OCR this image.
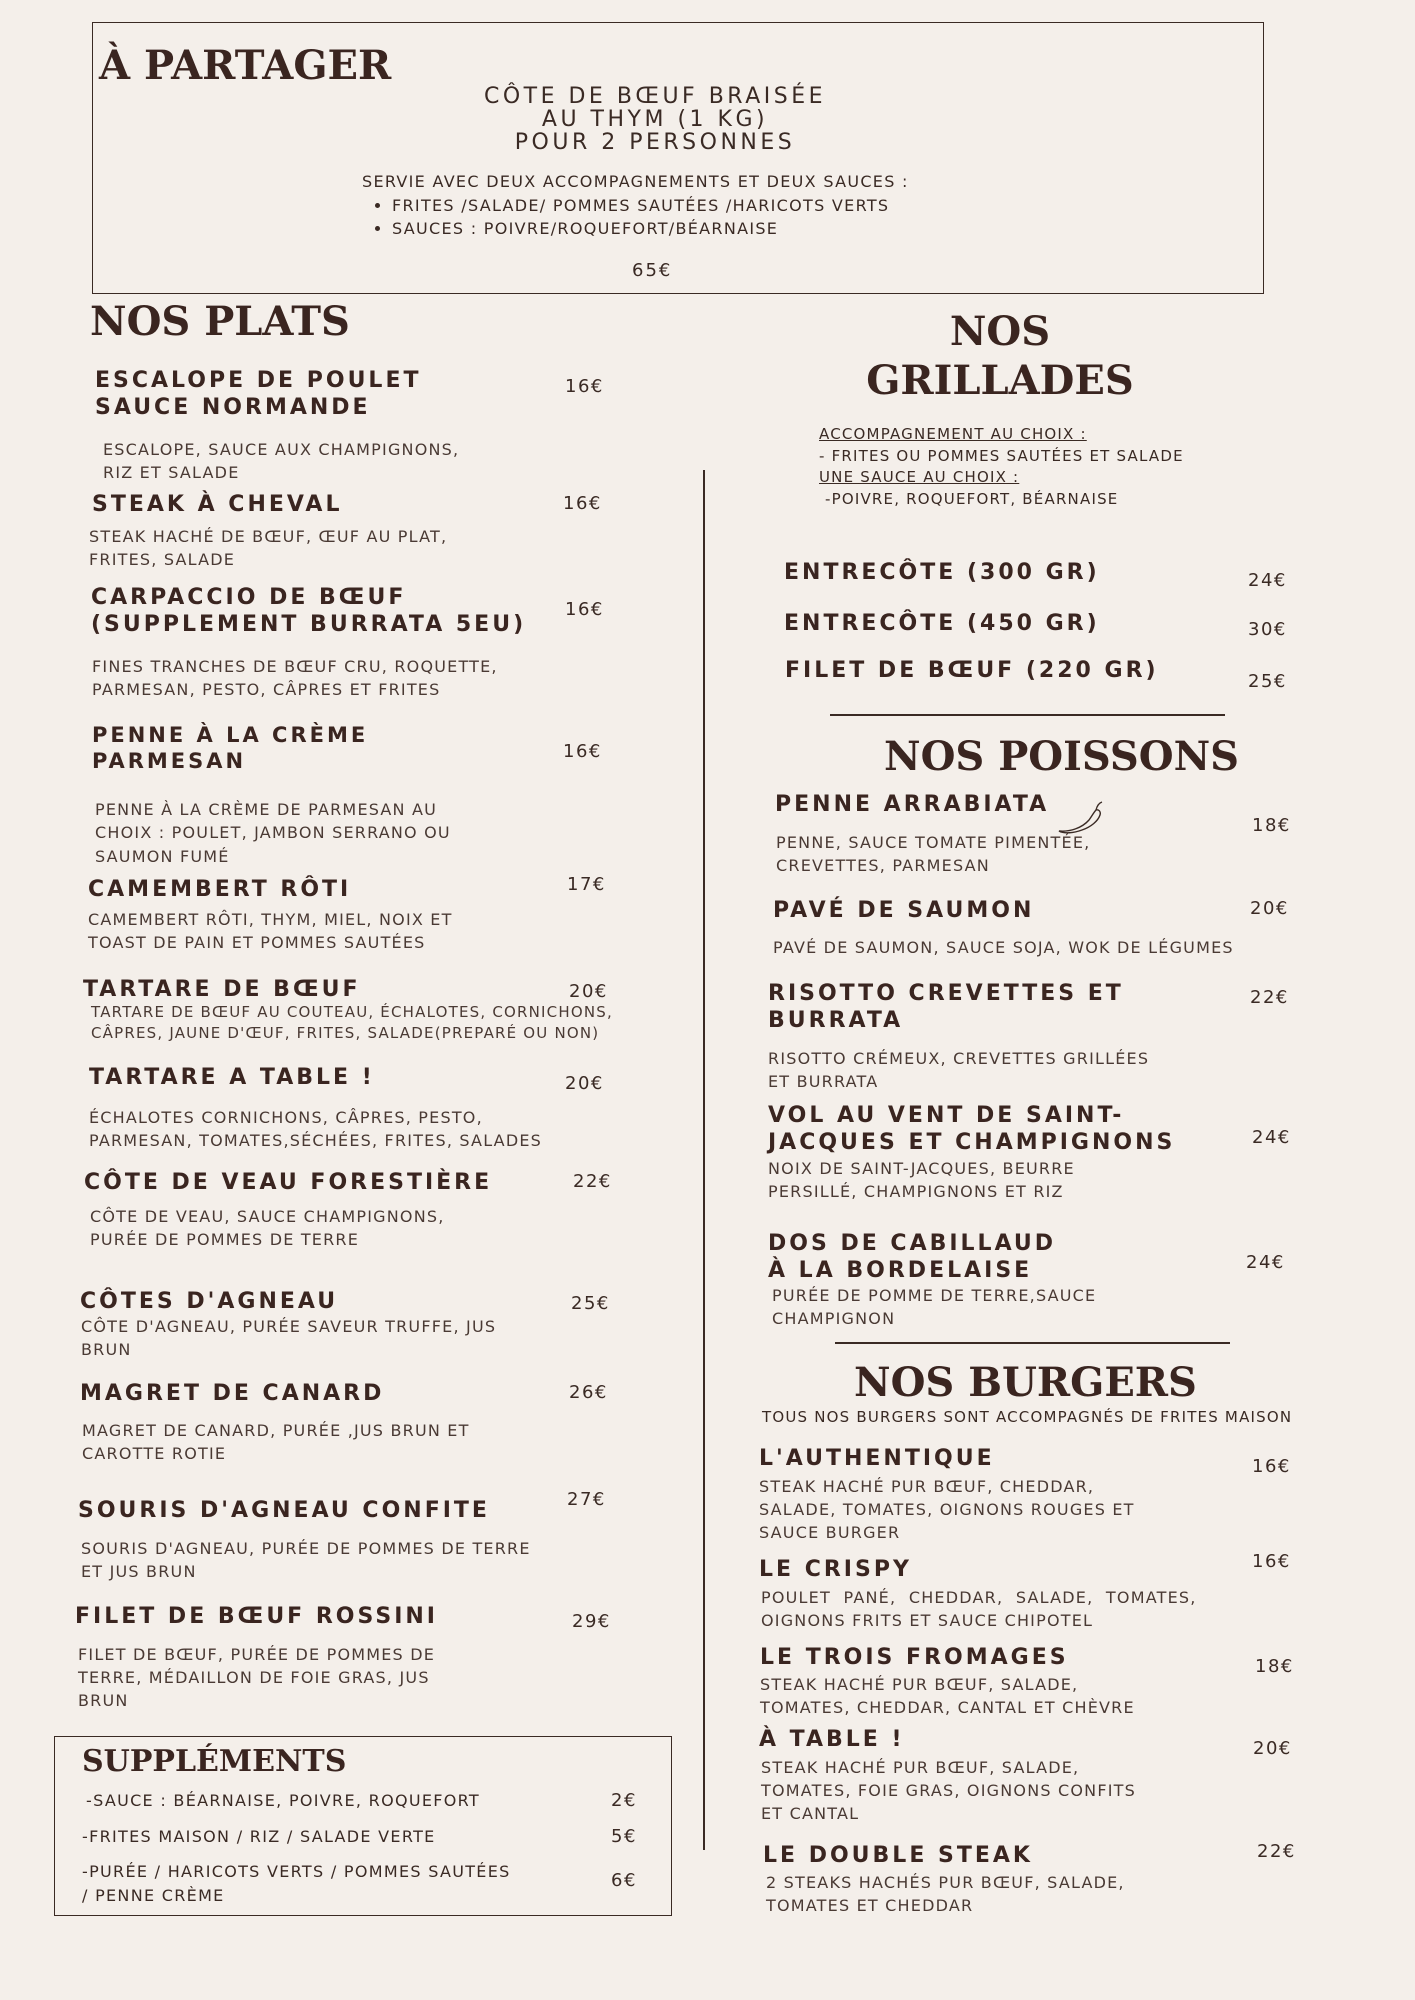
À PARTAGER
CÔTE DE BŒUF BRAISÉE
AU THYM (1 KG)
POUR 2 PERSONNES
SERVIE AVEC DEUX ACCOMPAGNEMENTS ET DEUX SAUCES :
• FRITES /SALADE/ POMMES SAUTÉES /HARICOTS VERTS
• SAUCES : POIVRE/ROQUEFORT/BÉARNAISE
65€
NOS PLATS
ESCALOPE DE POULET
SAUCE NORMANDE
ESCALOPE, SAUCE AUX CHAMPIGNONS,
RIZ ET SALADE
16€
STEAK À CHEVAL
STEAK HACHÉ DE BŒUF, ŒUF AU PLAT,
FRITES, SALADE
16€
CARPACCIO DE BŒUF
(SUPPLEMENT BURRATA 5EU)
FINES TRANCHES DE BŒUF CRU, ROQUETTE,
PARMESAN, PESTO, CÂPRES ET FRITES
16€
PENNE À LA CRÈME
PARMESAN
PENNE À LA CRÈME DE PARMESAN AU
CHOIX : POULET, JAMBON SERRANO OU
SAUMON FUMÉ
16€
CAMEMBERT RÔTI
CAMEMBERT RÔTI, THYM, MIEL, NOIX ET
TOAST DE PAIN ET POMMES SAUTÉES
17€
TARTARE DE BŒUF
TARTARE DE BŒUF AU COUTEAU, ÉCHALOTES, CORNICHONS,
CÂPRES, JAUNE D'ŒUF, FRITES, SALADE(PREPARÉ OU NON)
20€
TARTARE A TABLE !
ÉCHALOTES CORNICHONS, CÂPRES, PESTO,
PARMESAN, TOMATES,SÉCHÉES, FRITES, SALADES
20€
CÔTE DE VEAU FORESTIÈRE
CÔTE DE VEAU, SAUCE CHAMPIGNONS,
PURÉE DE POMMES DE TERRE
22€
CÔTES D'AGNEAU
CÔTE D'AGNEAU, PURÉE SAVEUR TRUFFE, JUS
BRUN
25€
MAGRET DE CANARD
MAGRET DE CANARD, PURÉE ,JUS BRUN ET
CAROTTE ROTIE
26€
SOURIS D'AGNEAU CONFITE
SOURIS D'AGNEAU, PURÉE DE POMMES DE TERRE
ET JUS BRUN
27€
FILET DE BŒUF ROSSINI
FILET DE BŒUF, PURÉE DE POMMES DE
TERRE, MÉDAILLON DE FOIE GRAS, JUS
BRUN
29€
SUPPLÉMENTS
-SAUCE : BÉARNAISE, POIVRE, ROQUEFORT	2€
-FRITES MAISON / RIZ / SALADE VERTE	5€
-PURÉE / HARICOTS VERTS / POMMES SAUTÉES
/ PENNE CRÈME
6€
NOS
GRILLADES
ACCOMPAGNEMENT AU CHOIX :
- FRITES OU POMMES SAUTÉES ET SALADE
UNE SAUCE AU CHOIX :
-POIVRE, ROQUEFORT, BÉARNAISE
ENTRECÔTE (300 GR)	24€
ENTRECÔTE (450 GR)	30€
FILET DE BŒUF (220 GR)	25€
NOS POISSONS
PENNE ARRABIATA
PENNE, SAUCE TOMATE PIMENTÉE,
CREVETTES, PARMESAN
18€
PAVÉ DE SAUMON
PAVÉ DE SAUMON, SAUCE SOJA, WOK DE LÉGUMES
20€
RISOTTO CREVETTES ET
BURRATA
RISOTTO CRÉMEUX, CREVETTES GRILLÉES
ET BURRATA
22€
VOL AU VENT DE SAINT-
JACQUES ET CHAMPIGNONS
NOIX DE SAINT-JACQUES, BEURRE
PERSILLÉ, CHAMPIGNONS ET RIZ
24€
DOS DE CABILLAUD
À LA BORDELAISE
PURÉE DE POMME DE TERRE,SAUCE
CHAMPIGNON
24€
NOS BURGERS
TOUS NOS BURGERS SONT ACCOMPAGNÉS DE FRITES MAISON
L'AUTHENTIQUE
STEAK HACHÉ PUR BŒUF, CHEDDAR,
SALADE, TOMATES, OIGNONS ROUGES ET
SAUCE BURGER
16€
LE CRISPY
POULET  PANÉ,  CHEDDAR,  SALADE,  TOMATES,
OIGNONS FRITS ET SAUCE CHIPOTEL
16€
LE TROIS FROMAGES
STEAK HACHÉ PUR BŒUF, SALADE,
TOMATES, CHEDDAR, CANTAL ET CHÈVRE
18€
À TABLE !
STEAK HACHÉ PUR BŒUF, SALADE,
TOMATES, FOIE GRAS, OIGNONS CONFITS
ET CANTAL
20€
LE DOUBLE STEAK
2 STEAKS HACHÉS PUR BŒUF, SALADE,
TOMATES ET CHEDDAR
22€
